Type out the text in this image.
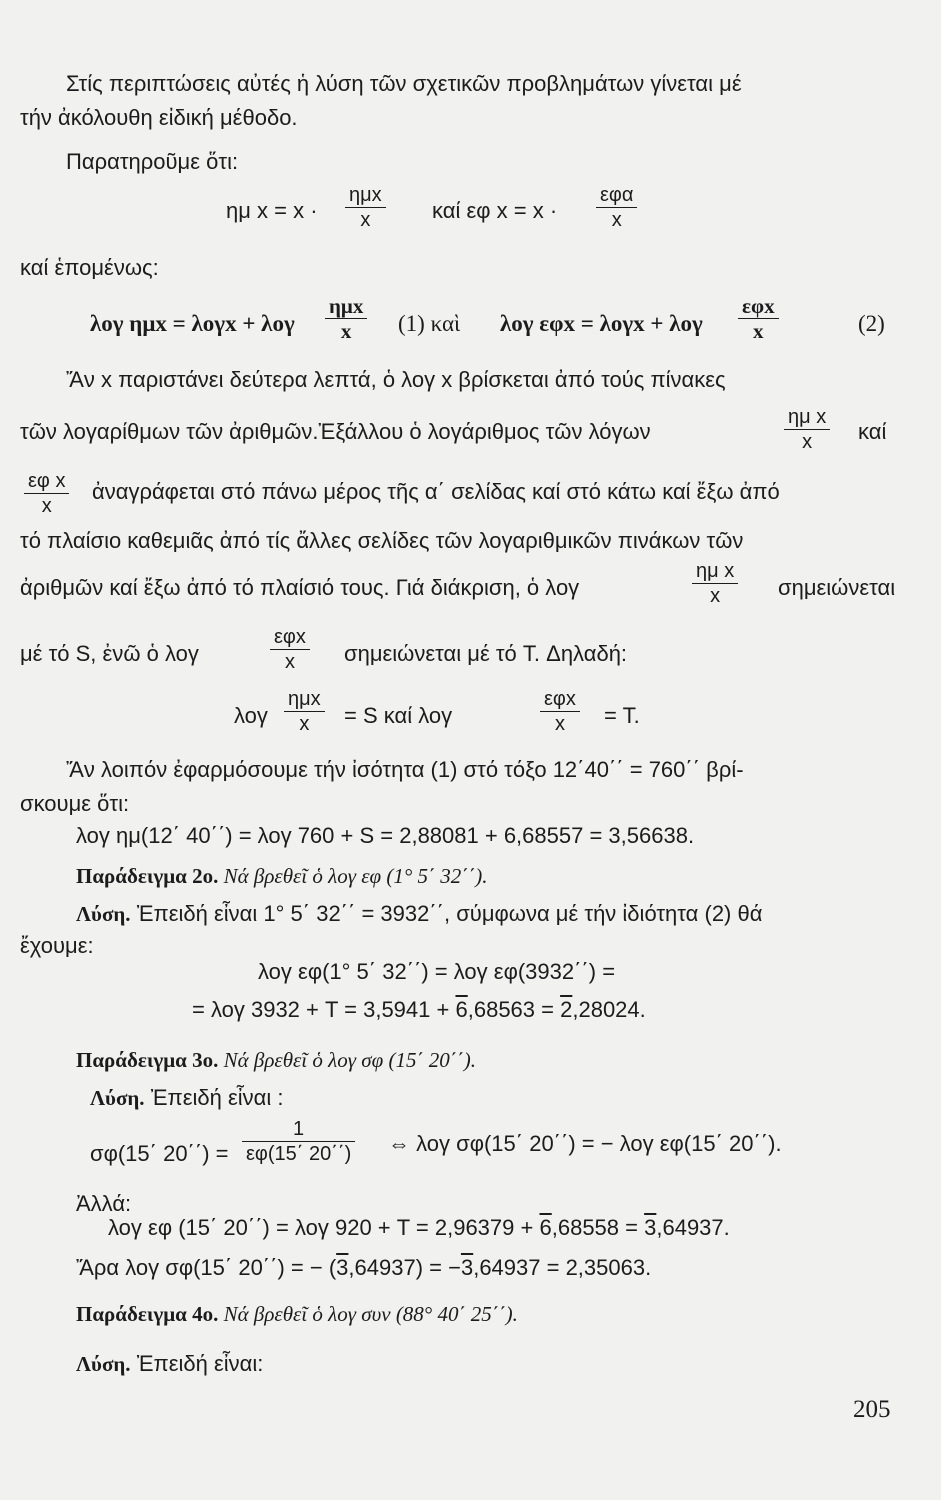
Στίς περιπτώσεις αὐτές ἡ λύση τῶν σχετικῶν προβλημάτων γίνεται μέ
τήν ἀκόλουθη εἰδική μέθοδο.
Παρατηροῦμε ὅτι:
ημ x = x ·
ημx
x	καί εφ x = x ·
εφα
x
καί ἑπομένως:
λογ ημx = λογx + λογ
ημx
x	(1) καὶ λογ εφx = λογx + λογ
εφx
x	(2)
Ἄν x παριστάνει δεύτερα λεπτά, ὁ λογ x βρίσκεται ἀπό τούς πίνακες
τῶν λογαρίθμων τῶν ἀριθμῶν.Ἐξάλλου ὁ λογάριθμος τῶν λόγων	$\frac{\text{ημ x}}{x}$ καί
$\frac{\text{εφ x}}{x}$ ἀναγράφεται στό πάνω μέρος τῆς α΄ σελίδας καί στό κάτω καί ἔξω ἀπό
τό πλαίσιο καθεμιᾶς ἀπό τίς ἄλλες σελίδες τῶν λογαριθμικῶν πινάκων τῶν
ἀριθμῶν καί ἔξω ἀπό τό πλαίσιό τους. Γιά διάκριση, ὁ λογ	$\frac{\text{ημ x}}{x}$ σημειώνεται
μέ τό S, ἐνῶ ὁ λογ
εφx
x	σημειώνεται μέ τό T. Δηλαδή:
λογ
ημx
x	= S καί λογ
εφx
x	= T.
Ἄν λοιπόν ἐφαρμόσουμε τήν ἰσότητα (1) στό τόξο 12΄40΄΄ = 760΄΄ βρί-
σκουμε ὅτι:
λογ ημ(12΄ 40΄΄) = λογ 760 + S = 2,88081 + 6,68557 = 3,56638.
Παράδειγμα 2ο. Νά βρεθεῖ ὁ λογ εφ (1° 5΄ 32΄΄).
Λύση. Ἐπειδή εἶναι 1° 5΄ 32΄΄ = 3932΄΄, σύμφωνα μέ τήν ἰδιότητα (2) θά
ἔχουμε:
λογ εφ(1° 5΄ 32΄΄) = λογ εφ(3932΄΄) =
= λογ 3932 + T = 3,5941 + 6,68563 = 2,28024.
Παράδειγμα 3ο. Νά βρεθεῖ ὁ λογ σφ (15΄ 20΄΄).
Λύση. Ἐπειδή εἶναι :
σφ(15΄ $20΄΄) = \frac{1}{\varepsilon\varphi(15΄ 20΄΄)}$ ⇔ λογ σφ(15΄ 20΄΄) = − λογ εφ(15΄ 20΄΄).
Ἀλλά:
λογ εφ (15΄ 20΄΄) = λογ 920 + T = 2,96379 + 6,68558 = 3,64937.
Ἄρα λογ σφ(15΄ 20΄΄) = − (3,64937) = −3,64937 = 2,35063.
Παράδειγμα 4ο. Νά βρεθεῖ ὁ λογ συν (88° 40΄ 25΄΄).
Λύση. Ἐπειδή εἶναι:
205
